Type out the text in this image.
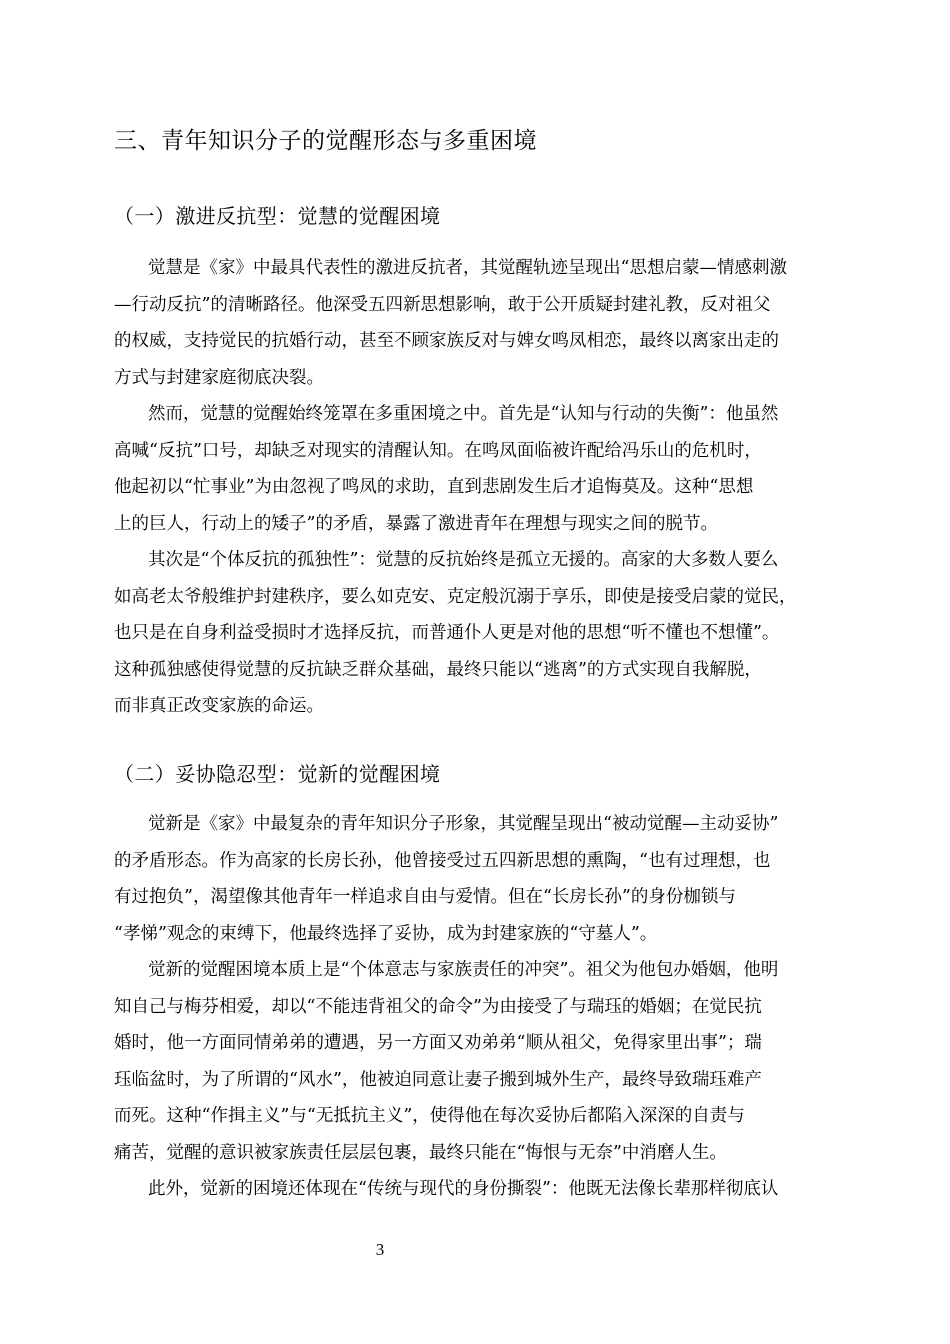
三、青年知识分子的觉醒形态与多重困境
（一）激进反抗型：觉慧的觉醒困境
觉慧是《家》中最具代表性的激进反抗者，其觉醒轨迹呈现出“思想启蒙—情感刺激
—行动反抗”的清晰路径。他深受五四新思想影响，敢于公开质疑封建礼教，反对祖父
的权威，支持觉民的抗婚行动，甚至不顾家族反对与婢女鸣凤相恋，最终以离家出走的
方式与封建家庭彻底决裂。
然而，觉慧的觉醒始终笼罩在多重困境之中。首先是“认知与行动的失衡”：他虽然
高喊“反抗”口号，却缺乏对现实的清醒认知。在鸣凤面临被许配给冯乐山的危机时，
他起初以“忙事业”为由忽视了鸣凤的求助，直到悲剧发生后才追悔莫及。这种“思想
上的巨人，行动上的矮子”的矛盾，暴露了激进青年在理想与现实之间的脱节。
其次是“个体反抗的孤独性”：觉慧的反抗始终是孤立无援的。高家的大多数人要么
如高老太爷般维护封建秩序，要么如克安、克定般沉溺于享乐，即使是接受启蒙的觉民，
也只是在自身利益受损时才选择反抗，而普通仆人更是对他的思想“听不懂也不想懂”。
这种孤独感使得觉慧的反抗缺乏群众基础，最终只能以“逃离”的方式实现自我解脱，
而非真正改变家族的命运。
（二）妥协隐忍型：觉新的觉醒困境
觉新是《家》中最复杂的青年知识分子形象，其觉醒呈现出“被动觉醒—主动妥协”
的矛盾形态。作为高家的长房长孙，他曾接受过五四新思想的熏陶，“也有过理想，也
有过抱负”，渴望像其他青年一样追求自由与爱情。但在“长房长孙”的身份枷锁与
“孝悌”观念的束缚下，他最终选择了妥协，成为封建家族的“守墓人”。
觉新的觉醒困境本质上是“个体意志与家族责任的冲突”。祖父为他包办婚姻，他明
知自己与梅芬相爱，却以“不能违背祖父的命令”为由接受了与瑞珏的婚姻；在觉民抗
婚时，他一方面同情弟弟的遭遇，另一方面又劝弟弟“顺从祖父，免得家里出事”；瑞
珏临盆时，为了所谓的“风水”，他被迫同意让妻子搬到城外生产，最终导致瑞珏难产
而死。这种“作揖主义”与“无抵抗主义”，使得他在每次妥协后都陷入深深的自责与
痛苦，觉醒的意识被家族责任层层包裹，最终只能在“悔恨与无奈”中消磨人生。
此外，觉新的困境还体现在“传统与现代的身份撕裂”：他既无法像长辈那样彻底认
3
